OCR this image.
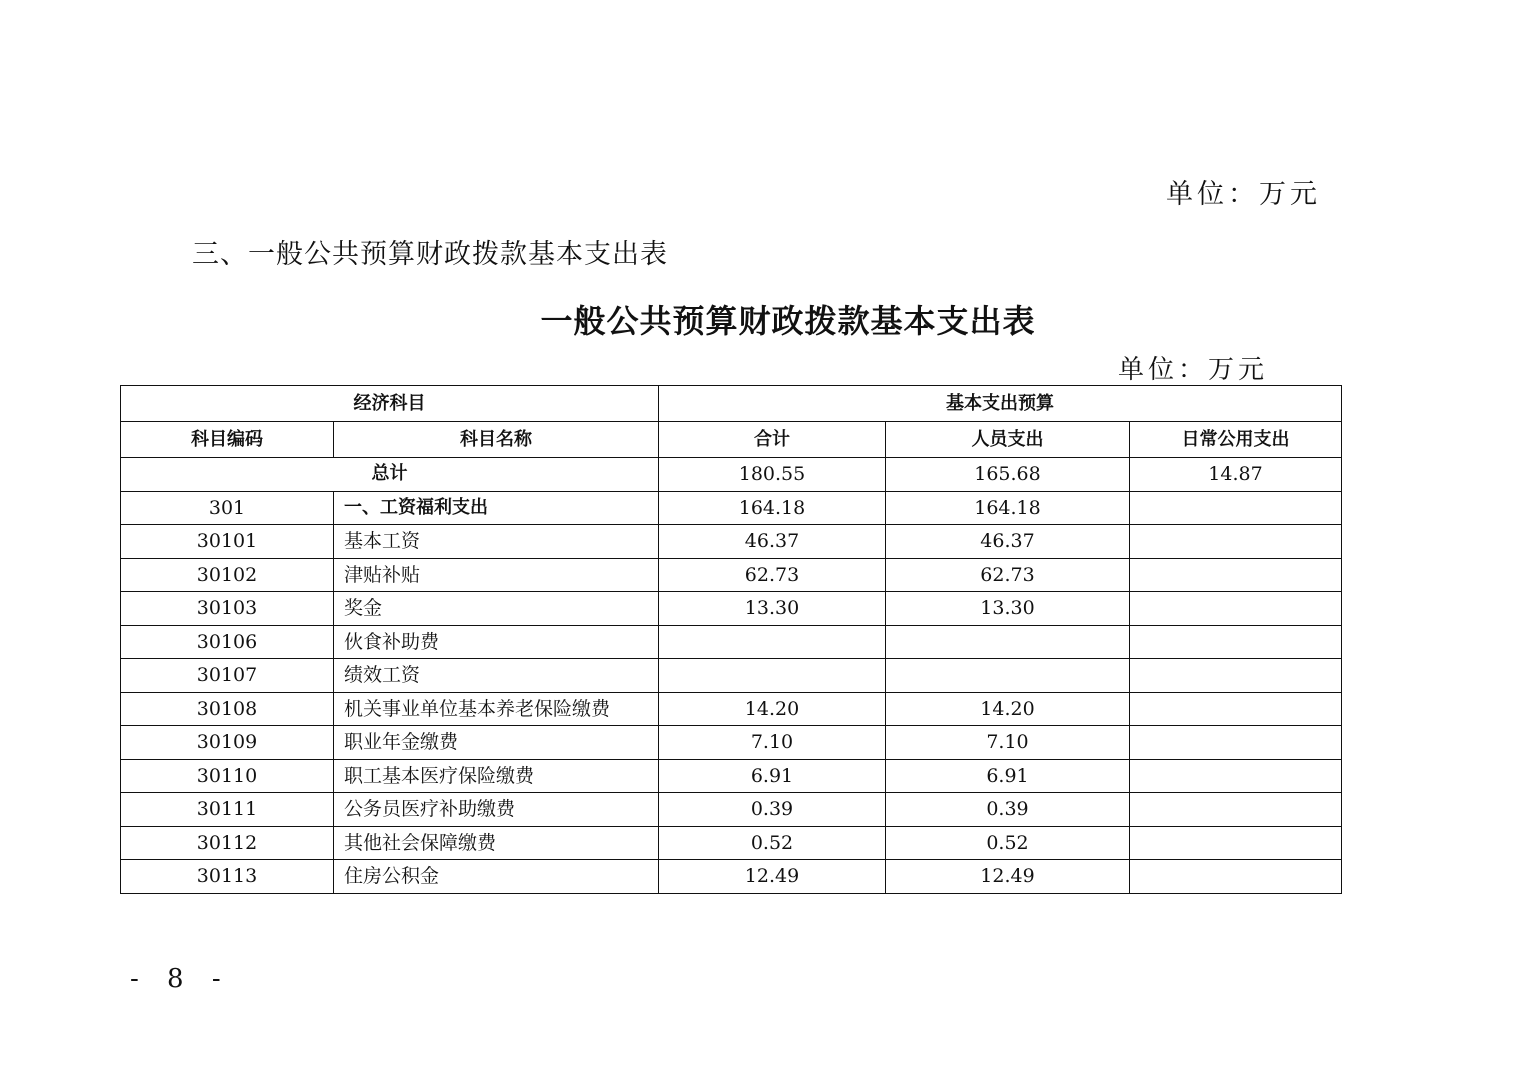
单位：万元
三、一般公共预算财政拨款基本支出表
一般公共预算财政拨款基本支出表
单位：万元
经济科目		基本支出预算		
科目编码	科目名称	合计	人员支出	日常公用支出
总计		180.55	165.68	14.87
301	一、工资福利支出	164.18	164.18	
30101	基本工资	46.37	46.37	
30102	津贴补贴	62.73	62.73	
30103	奖金	13.30	13.30	
30106	伙食补助费			
30107	绩效工资			
30108	机关事业单位基本养老保险缴费	14.20	14.20	
30109	职业年金缴费	7.10	7.10	
30110	职工基本医疗保险缴费	6.91	6.91	
30111	公务员医疗补助缴费	0.39	0.39	
30112	其他社会保障缴费	0.52	0.52	
30113	住房公积金	12.49	12.49	
- 8 -
